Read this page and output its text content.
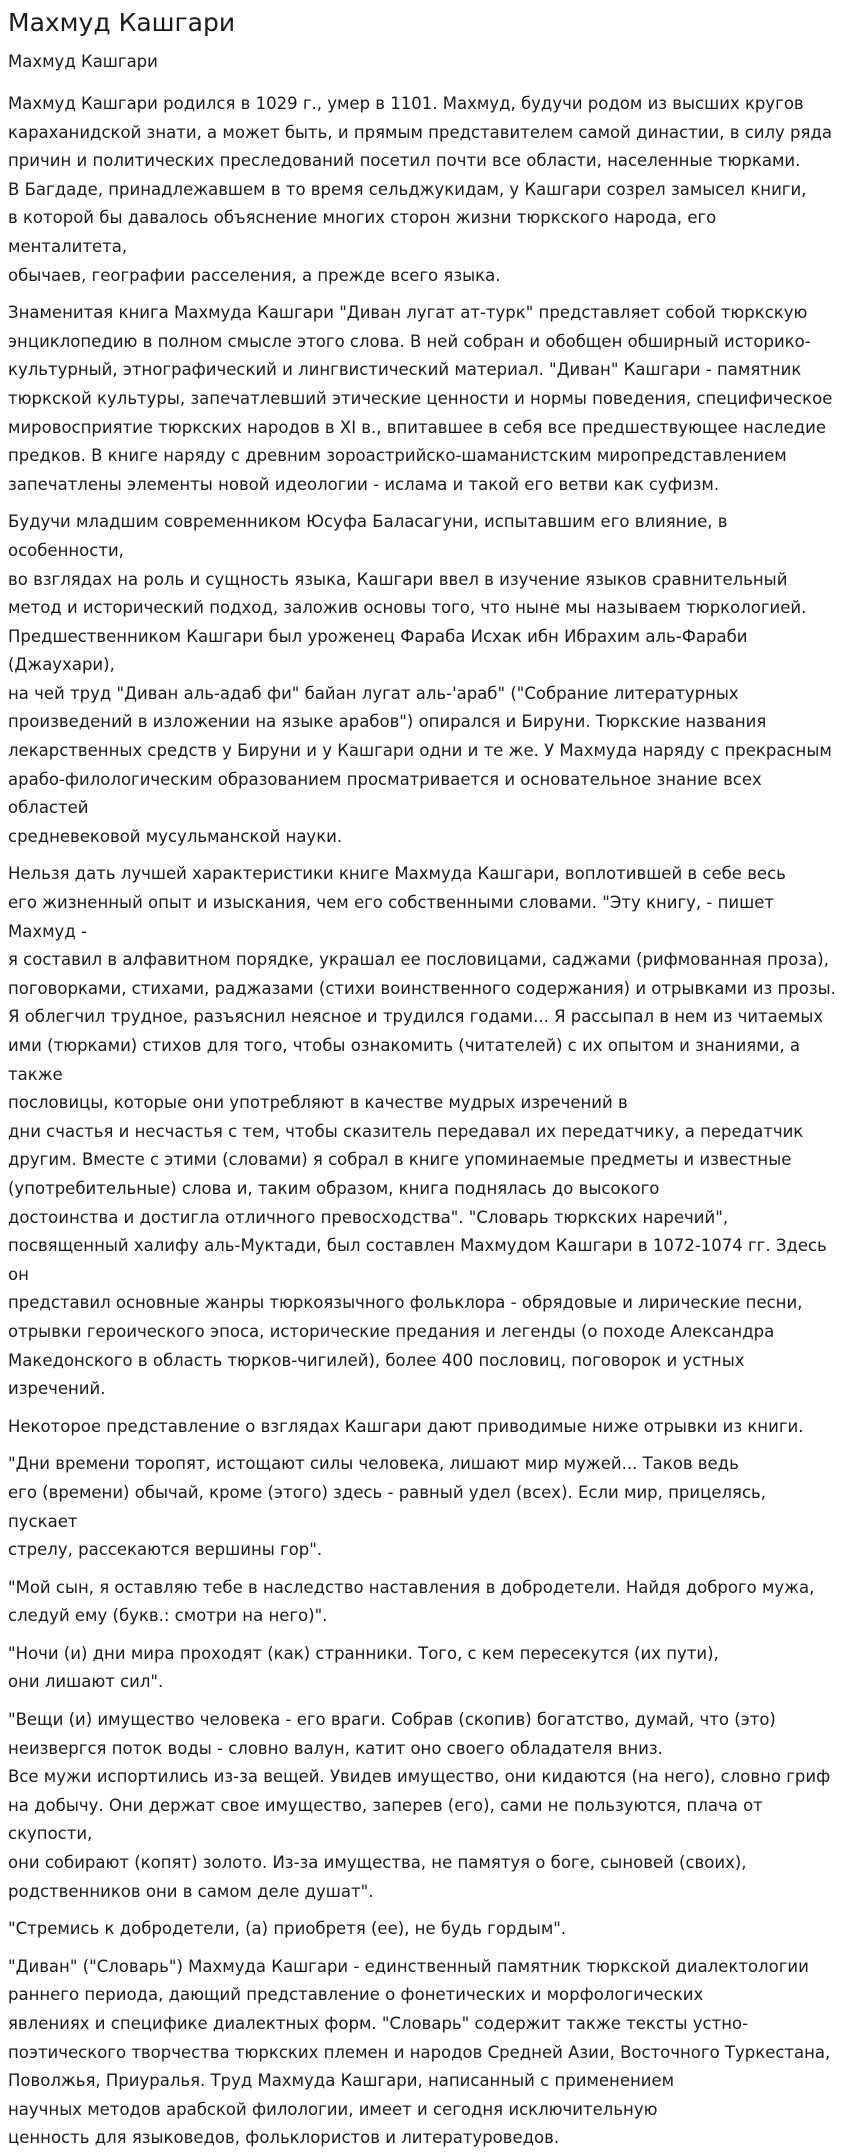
Махмуд Кашгари
Махмуд Кашгари

Махмуд Кашгари родился в 1029 г., умер в 1101. Махмуд, будучи родом из высших кругов
караханидской знати, а может быть, и прямым представителем самой династии, в силу ряда
причин и политических преследований посетил почти все области, населенные тюрками.
В Багдаде, принадлежавшем в то время сельджукидам, у Кашгари созрел замысел книги,
в которой бы давалось объяснение многих сторон жизни тюркского народа, его менталитета,
обычаев, географии расселения, а прежде всего языка.

Знаменитая книга Махмуда Кашгари "Диван лугат ат-турк" представляет собой тюркскую
энциклопедию в полном смысле этого слова. В ней собран и обобщен обширный историко-
культурный, этнографический и лингвистический материал. "Диван" Кашгари - памятник
тюркской культуры, запечатлевший этические ценности и нормы поведения, специфическое
мировосприятие тюркских народов в XI в., впитавшее в себя все предшествующее наследие
предков. В книге наряду с древним зороастрийско-шаманистским миропредставлением
запечатлены элементы новой идеологии - ислама и такой его ветви как суфизм.

Будучи младшим современником Юсуфа Баласагуни, испытавшим его влияние, в особенности,
во взглядах на роль и сущность языка, Кашгари ввел в изучение языков сравнительный
метод и исторический подход, заложив основы того, что ныне мы называем тюркологией.
Предшественником Кашгари был уроженец Фараба Исхак ибн Ибрахим аль-Фараби (Джаухари),
на чей труд "Диван аль-адаб фи" байан лугат аль-'араб" ("Собрание литературных
произведений в изложении на языке арабов") опирался и Бируни. Тюркские названия
лекарственных средств у Бируни и у Кашгари одни и те же. У Махмуда наряду с прекрасным
арабо-филологическим образованием просматривается и основательное знание всех областей
средневековой мусульманской науки.

Нельзя дать лучшей характеристики книге Махмуда Кашгари, воплотившей в себе весь
его жизненный опыт и изыскания, чем его собственными словами. "Эту книгу, - пишет Махмуд -
я составил в алфавитном порядке, украшал ее пословицами, саджами (рифмованная проза),
поговорками, стихами, раджазами (стихи воинственного содержания) и отрывками из прозы.
Я облегчил трудное, разъяснил неясное и трудился годами... Я рассыпал в нем из читаемых
ими (тюрками) стихов для того, чтобы ознакомить (читателей) с их опытом и знаниями, а также
пословицы, которые они употребляют в качестве мудрых изречений в
дни счастья и несчастья с тем, чтобы сказитель передавал их передатчику, а передатчик
другим. Вместе с этими (словами) я собрал в книге упоминаемые предметы и известные
(употребительные) слова и, таким образом, книга поднялась до высокого
достоинства и достигла отличного превосходства". "Словарь тюркских наречий",
посвященный халифу аль-Муктади, был составлен Махмудом Кашгари в 1072-1074 гг. Здесь он
представил основные жанры тюркоязычного фольклора - обрядовые и лирические песни,
отрывки героического эпоса, исторические предания и легенды (о походе Александра
Македонского в область тюрков-чигилей), более 400 пословиц, поговорок и устных изречений.

Некоторое представление о взглядах Кашгари дают приводимые ниже отрывки из книги.

"Дни времени торопят, истощают силы человека, лишают мир мужей... Таков ведь
его (времени) обычай, кроме (этого) здесь - равный удел (всех). Если мир, прицелясь, пускает
стрелу, рассекаются вершины гор".

"Мой сын, я оставляю тебе в наследство наставления в добродетели. Найдя доброго мужа,
следуй ему (букв.: смотри на него)".

"Ночи (и) дни мира проходят (как) странники. Того, с кем пересекутся (их пути),
они лишают сил".

"Вещи (и) имущество человека - его враги. Собрав (скопив) богатство, думай, что (это)
неизвергся поток воды - словно валун, катит оно своего обладателя вниз.
Все мужи испортились из-за вещей. Увидев имущество, они кидаются (на него), словно гриф
на добычу. Они держат свое имущество, заперев (его), сами не пользуются, плача от скупости,
они собирают (копят) золото. Из-за имущества, не памятуя о боге, сыновей (своих),
родственников они в самом деле душат".

"Стремись к добродетели, (а) приобретя (ее), не будь гордым".

"Диван" ("Словарь") Махмуда Кашгари - единственный памятник тюркской диалектологии
раннего периода, дающий представление о фонетических и морфологических
явлениях и специфике диалектных форм. "Словарь" содержит также тексты устно-
поэтического творчества тюркских племен и народов Средней Азии, Восточного Туркестана,
Поволжья, Приуралья. Труд Махмуда Кашгари, написанный с применением
научных методов арабской филологии, имеет и сегодня исключительную
ценность для языковедов, фольклористов и литературоведов.
